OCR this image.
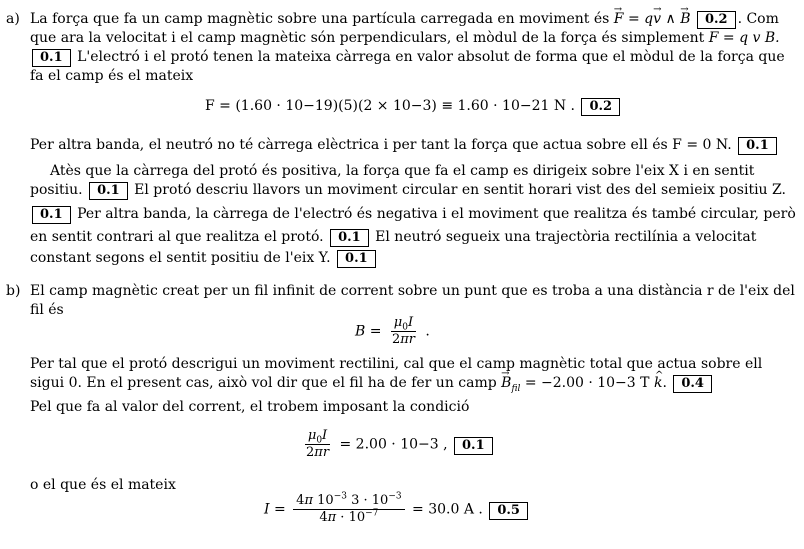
a) La força que fa un camp magnètic sobre una partícula carregada en moviment és → F = q→ v ∧ → B 0.2 . Com
que ara la velocitat i el camp magnètic són perpendiculars, el mòdul de la força és simplement F = q v B.
0.1 L'electró i el protó tenen la mateixa càrrega en valor absolut de forma que el mòdul de la força que
fa el camp és el mateix
F = (1.60 · 10−19)(5)(2 × 10−3) ≡ 1.60 · 10−21 N . 0.2
Per altra banda, el neutró no té càrrega elèctrica i per tant la força que actua sobre ell és F = 0 N. 0.1
Atès que la càrrega del protó és positiva, la força que fa el camp es dirigeix sobre l'eix X i en sentit
positiu. 0.1 El protó descriu llavors un moviment circular en sentit horari vist des del semieix positiu Z.
0.1 Per altra banda, la càrrega de l'electró és negativa i el moviment que realitza és també circular, però
en sentit contrari al que realitza el protó. 0.1 El neutró segueix una trajectòria rectilínia a velocitat
constant segons el sentit positiu de l'eix Y. 0.1
b) El camp magnètic creat per un fil infinit de corrent sobre un punt que es troba a una distància r de l'eix del
fil és
$B = \frac{\mu_0I}{2\pi r}$ .
Per tal que el protó descrigui un moviment rectilini, cal que el camp magnètic total que actua sobre ell
sigui 0. En el present cas, això vol dir que el fil ha de fer un camp → $B_{fil} = -2.00 \cdot 10-3$ T ^ k. 0.4
Pel que fa al valor del corrent, el trobem imposant la condició
$\frac{\mu_0I}{2\pi r} = 2.00 \cdot 10-3$ , 0.1
o el que és el mateix
$I = \frac{4\pi 10^{-3} 3 \cdot 10^{-3}}{4\pi \cdot 10^{-7}} = 30.0$ A . 0.5
